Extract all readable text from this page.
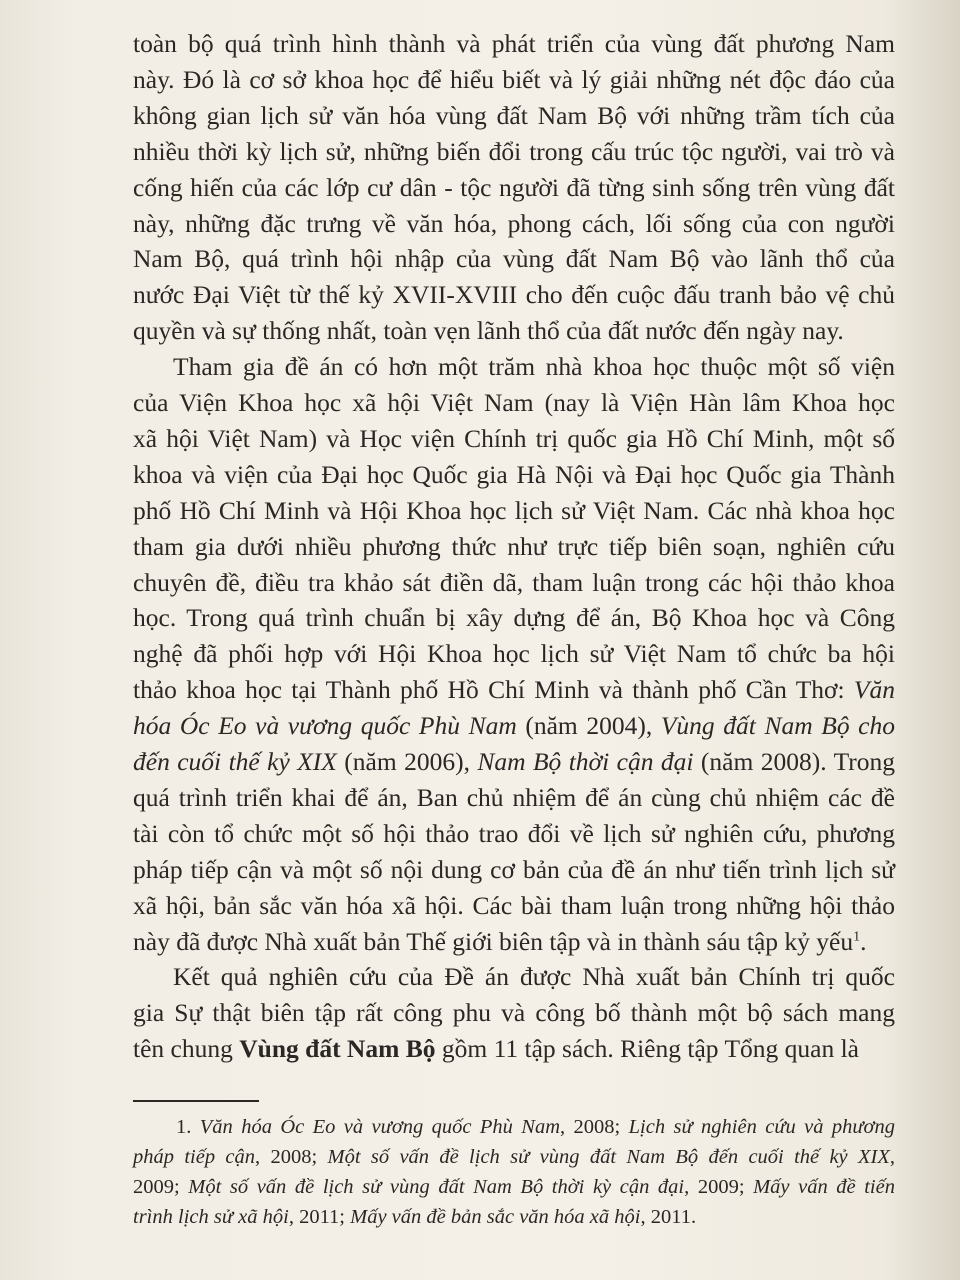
toàn bộ quá trình hình thành và phát triển của vùng đất phương Nam
này. Đó là cơ sở khoa học để hiểu biết và lý giải những nét độc đáo của
không gian lịch sử văn hóa vùng đất Nam Bộ với những trầm tích của
nhiều thời kỳ lịch sử, những biến đổi trong cấu trúc tộc người, vai trò và
cống hiến của các lớp cư dân - tộc người đã từng sinh sống trên vùng đất
này, những đặc trưng về văn hóa, phong cách, lối sống của con người
Nam Bộ, quá trình hội nhập của vùng đất Nam Bộ vào lãnh thổ của
nước Đại Việt từ thế kỷ XVII-XVIII cho đến cuộc đấu tranh bảo vệ chủ
quyền và sự thống nhất, toàn vẹn lãnh thổ của đất nước đến ngày nay.
Tham gia đề án có hơn một trăm nhà khoa học thuộc một số viện
của Viện Khoa học xã hội Việt Nam (nay là Viện Hàn lâm Khoa học
xã hội Việt Nam) và Học viện Chính trị quốc gia Hồ Chí Minh, một số
khoa và viện của Đại học Quốc gia Hà Nội và Đại học Quốc gia Thành
phố Hồ Chí Minh và Hội Khoa học lịch sử Việt Nam. Các nhà khoa học
tham gia dưới nhiều phương thức như trực tiếp biên soạn, nghiên cứu
chuyên đề, điều tra khảo sát điền dã, tham luận trong các hội thảo khoa
học. Trong quá trình chuẩn bị xây dựng để án, Bộ Khoa học và Công
nghệ đã phối hợp với Hội Khoa học lịch sử Việt Nam tổ chức ba hội
thảo khoa học tại Thành phố Hồ Chí Minh và thành phố Cần Thơ: Văn
hóa Óc Eo và vương quốc Phù Nam (năm 2004), Vùng đất Nam Bộ cho
đến cuối thế kỷ XIX (năm 2006), Nam Bộ thời cận đại (năm 2008). Trong
quá trình triển khai để án, Ban chủ nhiệm để án cùng chủ nhiệm các đề
tài còn tổ chức một số hội thảo trao đổi về lịch sử nghiên cứu, phương
pháp tiếp cận và một số nội dung cơ bản của đề án như tiến trình lịch sử
xã hội, bản sắc văn hóa xã hội. Các bài tham luận trong những hội thảo
này đã được Nhà xuất bản Thế giới biên tập và in thành sáu tập kỷ yếu$^1$.
Kết quả nghiên cứu của Đề án được Nhà xuất bản Chính trị quốc
gia Sự thật biên tập rất công phu và công bố thành một bộ sách mang
tên chung Vùng đất Nam Bộ gồm 11 tập sách. Riêng tập Tổng quan là
1. Văn hóa Óc Eo và vương quốc Phù Nam, 2008; Lịch sử nghiên cứu và phương
pháp tiếp cận, 2008; Một số vấn đề lịch sử vùng đất Nam Bộ đến cuối thế kỷ XIX,
2009; Một số vấn đề lịch sử vùng đất Nam Bộ thời kỳ cận đại, 2009; Mấy vấn đề tiến
trình lịch sử xã hội, 2011; Mấy vấn đề bản sắc văn hóa xã hội, 2011.
